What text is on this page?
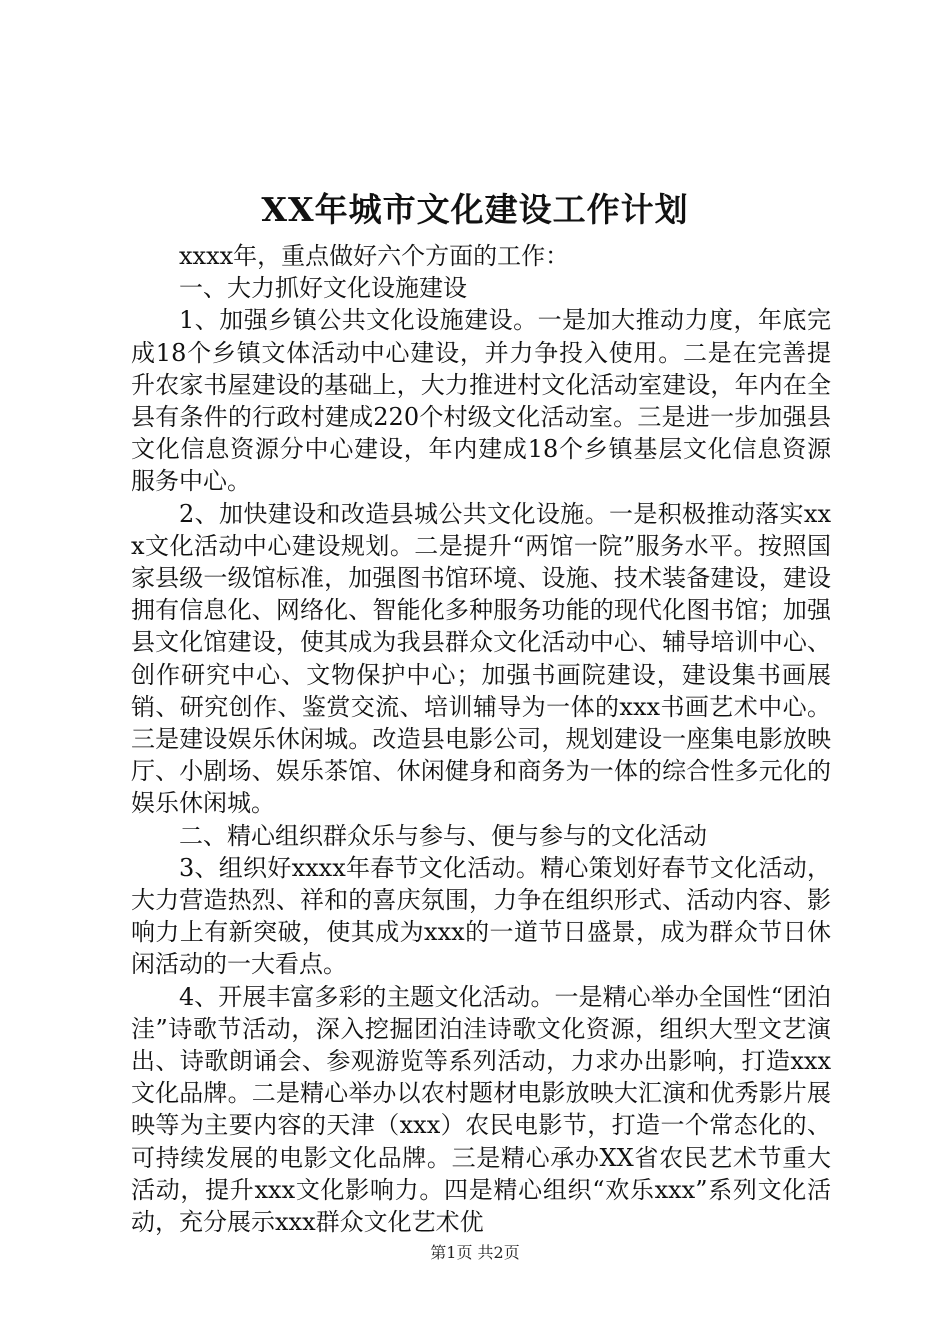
XX年城市文化建设工作计划

xxxx年，重点做好六个方面的工作：

一、大力抓好文化设施建设

1、加强乡镇公共文化设施建设。一是加大推动力度，年底完成18个乡镇文体活动中心建设，并力争投入使用。二是在完善提升农家书屋建设的基础上，大力推进村文化活动室建设，年内在全县有条件的行政村建成220个村级文化活动室。三是进一步加强县文化信息资源分中心建设，年内建成18个乡镇基层文化信息资源服务中心。

2、加快建设和改造县城公共文化设施。一是积极推动落实xxx文化活动中心建设规划。二是提升“两馆一院”服务水平。按照国家县级一级馆标准，加强图书馆环境、设施、技术装备建设，建设拥有信息化、网络化、智能化多种服务功能的现代化图书馆；加强县文化馆建设，使其成为我县群众文化活动中心、辅导培训中心、创作研究中心、文物保护中心；加强书画院建设，建设集书画展销、研究创作、鉴赏交流、培训辅导为一体的xxx书画艺术中心。三是建设娱乐休闲城。改造县电影公司，规划建设一座集电影放映厅、小剧场、娱乐茶馆、休闲健身和商务为一体的综合性多元化的娱乐休闲城。

二、精心组织群众乐与参与、便与参与的文化活动

3、组织好xxxx年春节文化活动。精心策划好春节文化活动，大力营造热烈、祥和的喜庆氛围，力争在组织形式、活动内容、影响力上有新突破，使其成为xxx的一道节日盛景，成为群众节日休闲活动的一大看点。

4、开展丰富多彩的主题文化活动。一是精心举办全国性“团泊洼”诗歌节活动，深入挖掘团泊洼诗歌文化资源，组织大型文艺演出、诗歌朗诵会、参观游览等系列活动，力求办出影响，打造xxx文化品牌。二是精心举办以农村题材电影放映大汇演和优秀影片展映等为主要内容的天津（xxx）农民电影节，打造一个常态化的、可持续发展的电影文化品牌。三是精心承办XX省农民艺术节重大活动，提升xxx文化影响力。四是精心组织“欢乐xxx”系列文化活动，充分展示xxx群众文化艺术优

第1页 共2页
